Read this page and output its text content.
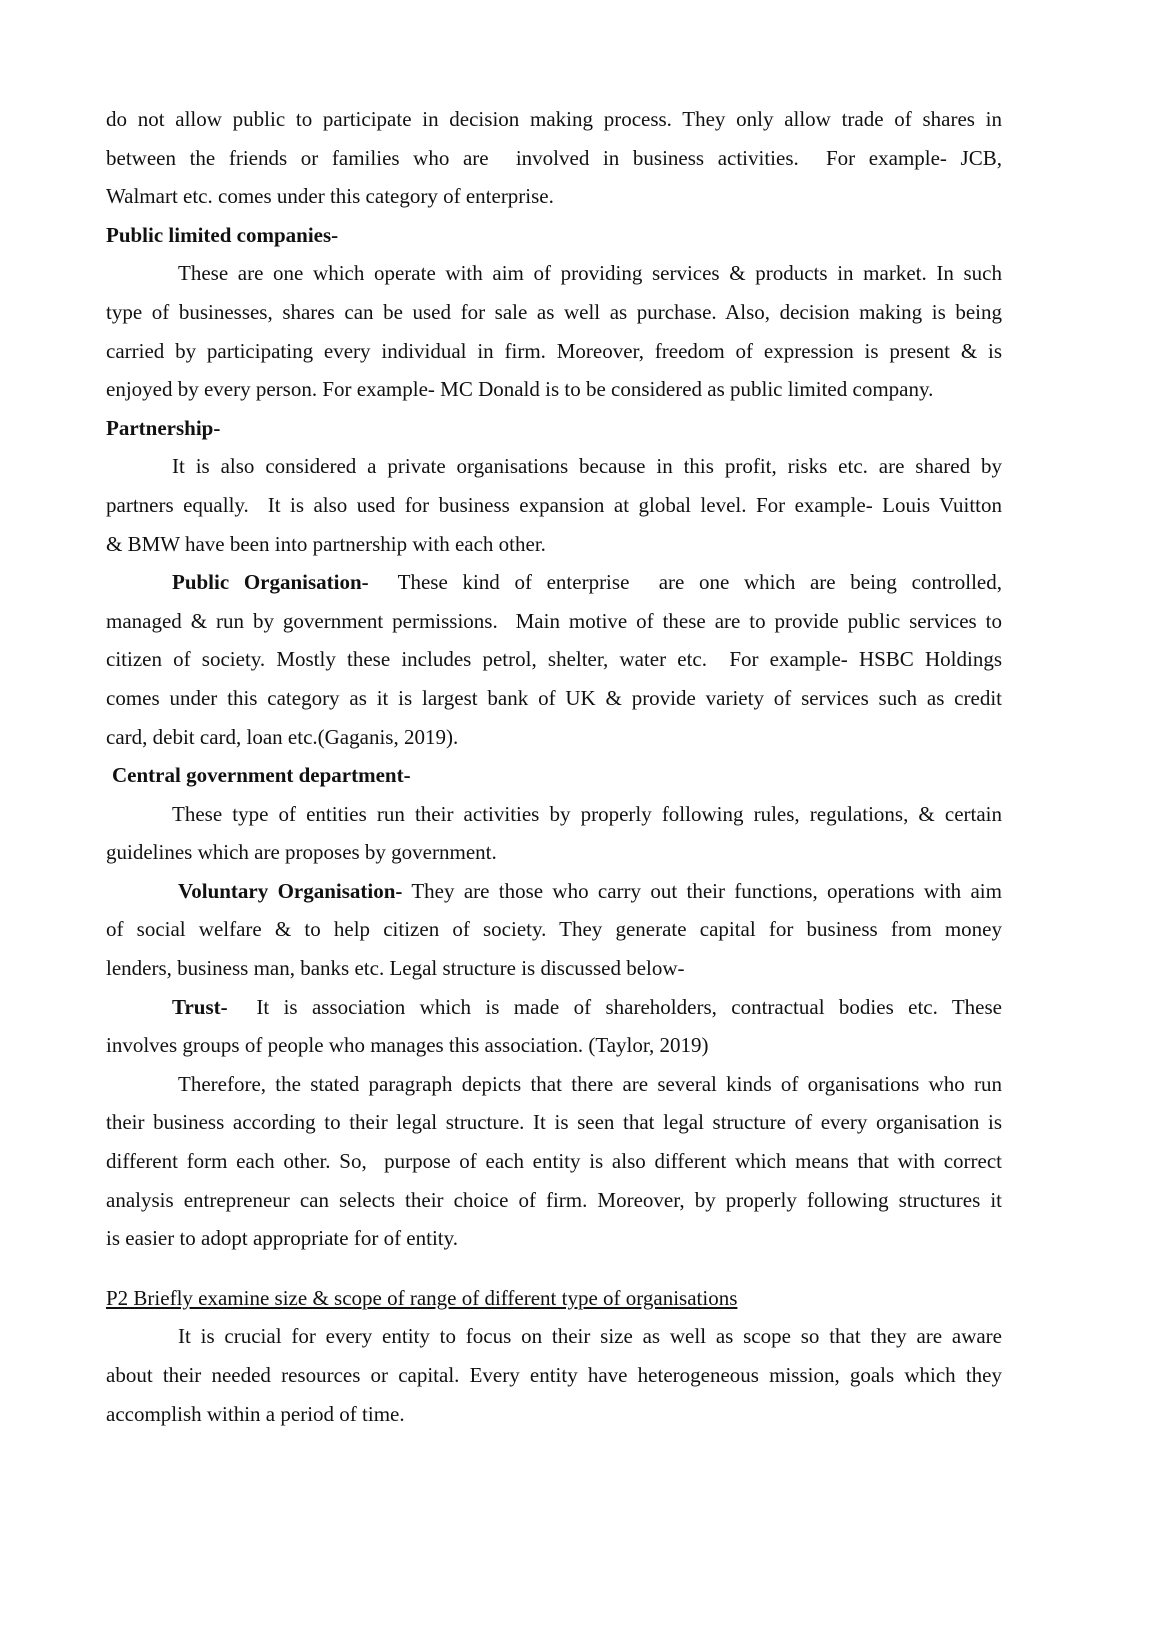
do not allow public to participate in decision making process. They only allow trade of shares in
between the friends or families who are  involved in business activities.  For example- JCB,
Walmart etc. comes under this category of enterprise.
Public limited companies-
These are one which operate with aim of providing services & products in market. In such
type of businesses, shares can be used for sale as well as purchase. Also, decision making is being
carried by participating every individual in firm. Moreover, freedom of expression is present & is
enjoyed by every person. For example- MC Donald is to be considered as public limited company.
Partnership-
It is also considered a private organisations because in this profit, risks etc. are shared by
partners equally.  It is also used for business expansion at global level. For example- Louis Vuitton
& BMW have been into partnership with each other.
Public Organisation-  These kind of enterprise  are one which are being controlled,
managed & run by government permissions.  Main motive of these are to provide public services to
citizen of society. Mostly these includes petrol, shelter, water etc.  For example- HSBC Holdings
comes under this category as it is largest bank of UK & provide variety of services such as credit
card, debit card, loan etc.(Gaganis, 2019).
Central government department-
These type of entities run their activities by properly following rules, regulations, & certain
guidelines which are proposes by government.
Voluntary Organisation- They are those who carry out their functions, operations with aim
of social welfare & to help citizen of society. They generate capital for business from money
lenders, business man, banks etc. Legal structure is discussed below-
Trust-  It is association which is made of shareholders, contractual bodies etc. These
involves groups of people who manages this association. (Taylor, 2019)
Therefore, the stated paragraph depicts that there are several kinds of organisations who run
their business according to their legal structure. It is seen that legal structure of every organisation is
different form each other. So,  purpose of each entity is also different which means that with correct
analysis entrepreneur can selects their choice of firm. Moreover, by properly following structures it
is easier to adopt appropriate for of entity.
P2 Briefly examine size & scope of range of different type of organisations
It is crucial for every entity to focus on their size as well as scope so that they are aware
about their needed resources or capital. Every entity have heterogeneous mission, goals which they
accomplish within a period of time.
